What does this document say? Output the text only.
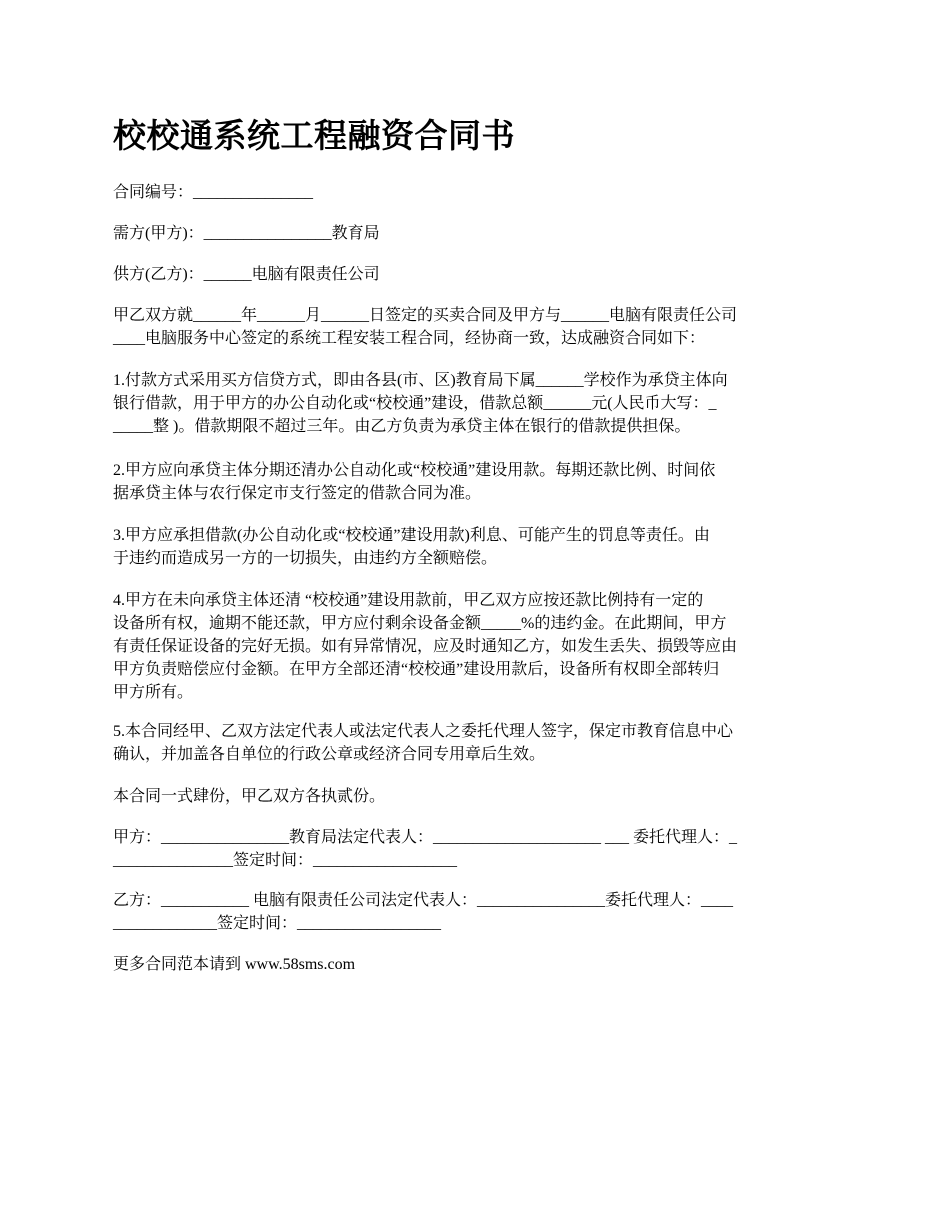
校校通系统工程融资合同书

合同编号：_______________

需方(甲方)：________________教育局

供方(乙方)：______电脑有限责任公司

甲乙双方就______年______月______日签定的买卖合同及甲方与______电脑有限责任公司
____电脑服务中心签定的系统工程安装工程合同，经协商一致，达成融资合同如下：

1.付款方式采用买方信贷方式，即由各县(市、区)教育局下属______学校作为承贷主体向
银行借款，用于甲方的办公自动化或“校校通”建设，借款总额______元(人民币大写：_
_____整 )。借款期限不超过三年。由乙方负责为承贷主体在银行的借款提供担保。

2.甲方应向承贷主体分期还清办公自动化或“校校通”建设用款。每期还款比例、时间依
据承贷主体与农行保定市支行签定的借款合同为准。

3.甲方应承担借款(办公自动化或“校校通”建设用款)利息、可能产生的罚息等责任。由
于违约而造成另一方的一切损失，由违约方全额赔偿。

4.甲方在未向承贷主体还清 “校校通”建设用款前，甲乙双方应按还款比例持有一定的
设备所有权，逾期不能还款，甲方应付剩余设备金额_____%的违约金。在此期间，甲方
有责任保证设备的完好无损。如有异常情况，应及时通知乙方，如发生丢失、损毁等应由
甲方负责赔偿应付金额。在甲方全部还清“校校通”建设用款后，设备所有权即全部转归
甲方所有。

5.本合同经甲、乙双方法定代表人或法定代表人之委托代理人签字，保定市教育信息中心
确认，并加盖各自单位的行政公章或经济合同专用章后生效。

本合同一式肆份，甲乙双方各执贰份。

甲方：________________教育局法定代表人：_____________________ ___ 委托代理人：_
_______________签定时间：__________________

乙方：___________ 电脑有限责任公司法定代表人：________________委托代理人：____
_____________签定时间：__________________

更多合同范本请到 www.58sms.com
